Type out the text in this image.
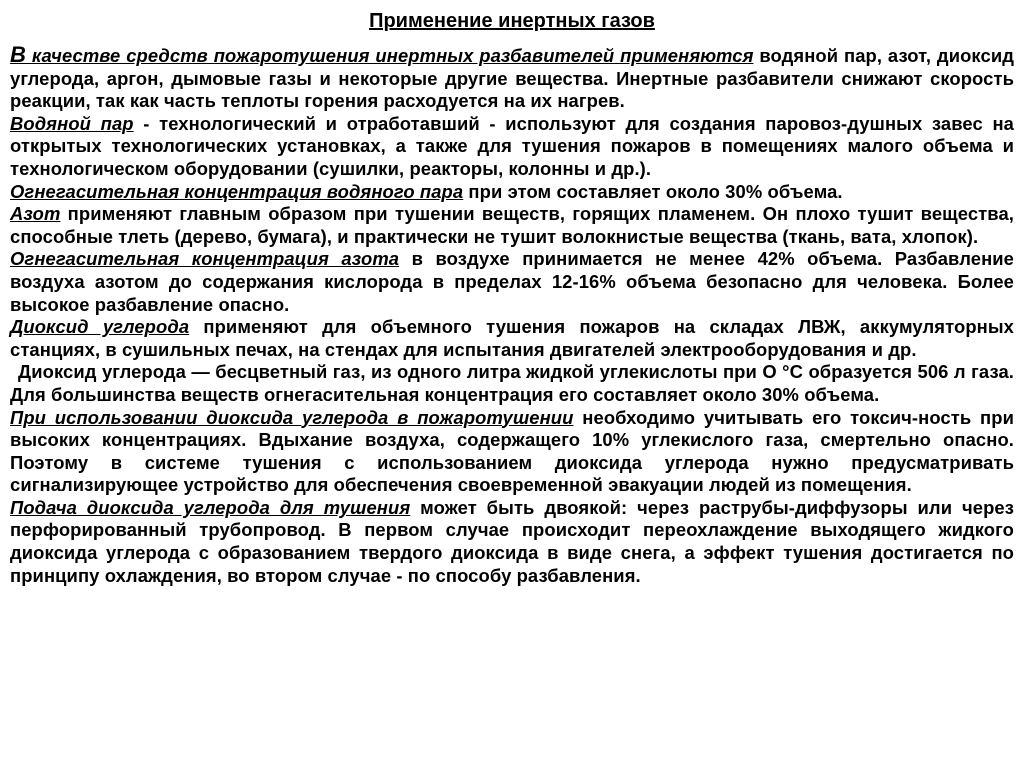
Применение инертных газов

В качестве средств пожаротушения инертных разбавителей применяются водяной пар, азот, диоксид углерода, аргон, дымовые газы и некоторые другие вещества. Инертные разбавители снижают скорость реакции, так как часть теплоты горения расходуется на их нагрев.

Водяной пар - технологический и отработавший - используют для создания паровоз-душных завес на открытых технологических установках, а также для тушения пожаров в помещениях малого объема и технологическом оборудовании (сушилки, реакторы, колонны и др.).

Огнегасительная концентрация водяного пара при этом составляет около 30% объема.

Азот применяют главным образом при тушении веществ, горящих пламенем. Он плохо тушит вещества, способные тлеть (дерево, бумага), и практически не тушит волокнистые вещества (ткань, вата, хлопок).

Огнегасительная концентрация азота в воздухе принимается не менее 42% объема. Разбавление воздуха азотом до содержания кислорода в пределах 12-16% объема безопасно для человека. Более высокое разбавление опасно.

Диоксид углерода применяют для объемного тушения пожаров на складах ЛВЖ, аккумуляторных станциях, в сушильных печах, на стендах для испытания двигателей электрооборудования и др.

Диоксид углерода — бесцветный газ, из одного литра жидкой углекислоты при О °С образуется 506 л газа. Для большинства веществ огнегасительная концентрация его составляет около 30% объема.

При использовании диоксида углерода в пожаротушении необходимо учитывать его токсич-ность при высоких концентрациях. Вдыхание воздуха, содержащего 10% углекислого газа, смертельно опасно. Поэтому в системе тушения с использованием диоксида углерода нужно предусматривать сигнализирующее устройство для обеспечения своевременной эвакуации людей из помещения.

Подача диоксида углерода для тушения может быть двоякой: через раструбы-диффузоры или через перфорированный трубопровод. В первом случае происходит переохлаждение выходящего жидкого диоксида углерода с образованием твердого диоксида в виде снега, а эффект тушения достигается по принципу охлаждения, во втором случае - по способу разбавления.
